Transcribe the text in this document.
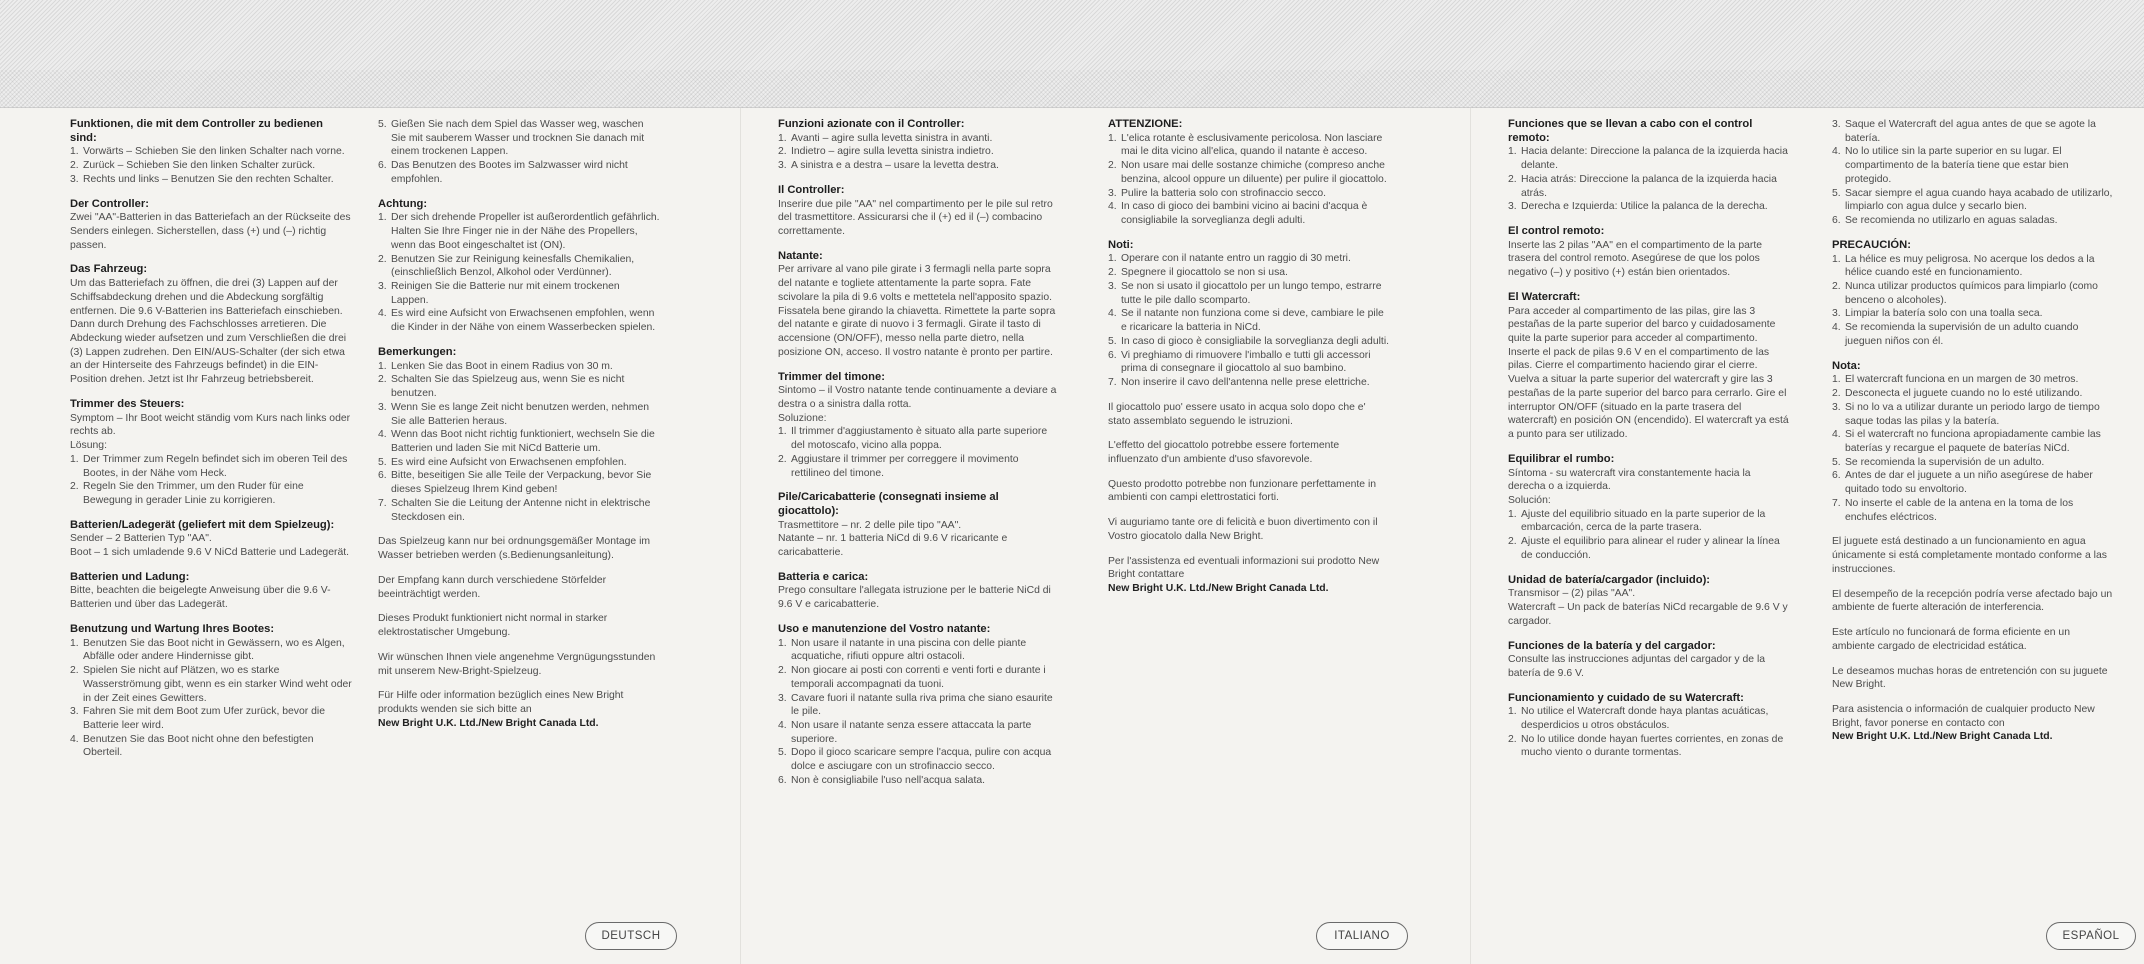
Funktionen, die mit dem Controller zu bedienen sind:
1. Vorwärts – Schieben Sie den linken Schalter nach vorne.
2. Zurück – Schieben Sie den linken Schalter zurück.
3. Rechts und links – Benutzen Sie den rechten Schalter.
Der Controller:
Zwei "AA"-Batterien in das Batteriefach an der Rückseite des Senders einlegen. Sicherstellen, dass (+) und (–) richtig passen.
Das Fahrzeug:
Um das Batteriefach zu öffnen, die drei (3) Lappen auf der Schiffsabdeckung drehen und die Abdeckung sorgfältig entfernen. Die 9.6 V-Batterien ins Batteriefach einschieben. Dann durch Drehung des Fachschlosses arretieren. Die Abdeckung wieder aufsetzen und zum Verschließen die drei (3) Lappen zudrehen. Den EIN/AUS-Schalter (der sich etwa an der Hinterseite des Fahrzeugs befindet) in die EIN-Position drehen. Jetzt ist Ihr Fahrzeug betriebsbereit.
Trimmer des Steuers:
Symptom – Ihr Boot weicht ständig vom Kurs nach links oder rechts ab.
Lösung:
1. Der Trimmer zum Regeln befindet sich im oberen Teil des Bootes, in der Nähe vom Heck.
2. Regeln Sie den Trimmer, um den Ruder für eine Bewegung in gerader Linie zu korrigieren.
Batterien/Ladegerät (geliefert mit dem Spielzeug):
Sender – 2 Batterien Typ "AA".
Boot – 1 sich umladende 9.6 V NiCd Batterie und Ladegerät.
Batterien und Ladung:
Bitte, beachten die beigelegte Anweisung über die 9.6 V-Batterien und über das Ladegerät.
Benutzung und Wartung Ihres Bootes:
1. Benutzen Sie das Boot nicht in Gewässern, wo es Algen, Abfälle oder andere Hindernisse gibt.
2. Spielen Sie nicht auf Plätzen, wo es starke Wasserströmung gibt, wenn es ein starker Wind weht oder in der Zeit eines Gewitters.
3. Fahren Sie mit dem Boot zum Ufer zurück, bevor die Batterie leer wird.
4. Benutzen Sie das Boot nicht ohne den befestigten Oberteil.
5. Gießen Sie nach dem Spiel das Wasser weg, waschen Sie mit sauberem Wasser und trocknen Sie danach mit einem trockenen Lappen.
6. Das Benutzen des Bootes im Salzwasser wird nicht empfohlen.
Achtung:
1. Der sich drehende Propeller ist außerordentlich gefährlich. Halten Sie Ihre Finger nie in der Nähe des Propellers, wenn das Boot eingeschaltet ist (ON).
2. Benutzen Sie zur Reinigung keinesfalls Chemikalien, (einschließlich Benzol, Alkohol oder Verdünner).
3. Reinigen Sie die Batterie nur mit einem trockenen Lappen.
4. Es wird eine Aufsicht von Erwachsenen empfohlen, wenn die Kinder in der Nähe von einem Wasserbecken spielen.
Bemerkungen:
1. Lenken Sie das Boot in einem Radius von 30 m.
2. Schalten Sie das Spielzeug aus, wenn Sie es nicht benutzen.
3. Wenn Sie es lange Zeit nicht benutzen werden, nehmen Sie alle Batterien heraus.
4. Wenn das Boot nicht richtig funktioniert, wechseln Sie die Batterien und laden Sie mit NiCd Batterie um.
5. Es wird eine Aufsicht von Erwachsenen empfohlen.
6. Bitte, beseitigen Sie alle Teile der Verpackung, bevor Sie dieses Spielzeug Ihrem Kind geben!
7. Schalten Sie die Leitung der Antenne nicht in elektrische Steckdosen ein.
Das Spielzeug kann nur bei ordnungsgemäßer Montage im Wasser betrieben werden (s.Bedienungsanleitung).
Der Empfang kann durch verschiedene Störfelder beeinträchtigt werden.
Dieses Produkt funktioniert nicht normal in starker elektrostatischer Umgebung.
Wir wünschen Ihnen viele angenehme Vergnügungsstunden mit unserem New-Bright-Spielzeug.
Für Hilfe oder information bezüglich eines New Bright produkts wenden sie sich bitte an
New Bright U.K. Ltd./New Bright Canada Ltd.
Funzioni azionate con il Controller:
1. Avanti – agire sulla levetta sinistra in avanti.
2. Indietro – agire sulla levetta sinistra indietro.
3. A sinistra e a destra – usare la levetta destra.
Il Controller:
Inserire due pile "AA" nel compartimento per le pile sul retro del trasmettitore. Assicurarsi che il (+) ed il (–) combacino correttamente.
Natante:
Per arrivare al vano pile girate i 3 fermagli nella parte sopra del natante e togliete attentamente la parte sopra. Fate scivolare la pila di 9.6 volts e mettetela nell'apposito spazio. Fissatela bene girando la chiavetta. Rimettete la parte sopra del natante e girate di nuovo i 3 fermagli. Girate il tasto di accensione (ON/OFF), messo nella parte dietro, nella posizione ON, acceso. Il vostro natante è pronto per partire.
Trimmer del timone:
Sintomo – il Vostro natante tende continuamente a deviare a destra o a sinistra dalla rotta.
Soluzione:
1. Il trimmer d'aggiustamento è situato alla parte superiore del motoscafo, vicino alla poppa.
2. Aggiustare il trimmer per correggere il movimento rettilineo del timone.
Pile/Caricabatterie (consegnati insieme al giocattolo):
Trasmettitore – nr. 2 delle pile tipo "AA".
Natante – nr. 1 batteria NiCd di 9.6 V ricaricante e caricabatterie.
Batteria e carica:
Prego consultare l'allegata istruzione per le batterie NiCd di 9.6 V e caricabatterie.
Uso e manutenzione del Vostro natante:
1. Non usare il natante in una piscina con delle piante acquatiche, rifiuti oppure altri ostacoli.
2. Non giocare ai posti con correnti e venti forti e durante i temporali accompagnati da tuoni.
3. Cavare fuori il natante sulla riva prima che siano esaurite le pile.
4. Non usare il natante senza essere attaccata la parte superiore.
5. Dopo il gioco scaricare sempre l'acqua, pulire con acqua dolce e asciugare con un strofinaccio secco.
6. Non è consigliabile l'uso nell'acqua salata.
ATTENZIONE:
1. L'elica rotante è esclusivamente pericolosa. Non lasciare mai le dita vicino all'elica, quando il natante è acceso.
2. Non usare mai delle sostanze chimiche (compreso anche benzina, alcool oppure un diluente) per pulire il giocattolo.
3. Pulire la batteria solo con strofinaccio secco.
4. In caso di gioco dei bambini vicino ai bacini d'acqua è consigliabile la sorveglianza degli adulti.
Noti:
1. Operare con il natante entro un raggio di 30 metri.
2. Spegnere il giocattolo se non si usa.
3. Se non si usato il giocattolo per un lungo tempo, estrarre tutte le pile dallo scomparto.
4. Se il natante non funziona come si deve, cambiare le pile e ricaricare la batteria in NiCd.
5. In caso di gioco è consigliabile la sorveglianza degli adulti.
6. Vi preghiamo di rimuovere l'imballo e tutti gli accessori prima di consegnare il giocattolo al suo bambino.
7. Non inserire il cavo dell'antenna nelle prese elettriche.
Il giocattolo puo' essere usato in acqua solo dopo che e' stato assemblato seguendo le istruzioni.
L'effetto del giocattolo potrebbe essere fortemente influenzato d'un ambiente d'uso sfavorevole.
Questo prodotto potrebbe non funzionare perfettamente in ambienti con campi elettrostatici forti.
Vi auguriamo tante ore di felicità e buon divertimento con il Vostro giocatolo dalla New Bright.
Per l'assistenza ed eventuali informazioni sui prodotto New Bright contattare
New Bright U.K. Ltd./New Bright Canada Ltd.
Funciones que se llevan a cabo con el control remoto:
1. Hacia delante: Direccione la palanca de la izquierda hacia delante.
2. Hacia atrás: Direccione la palanca de la izquierda hacia atrás.
3. Derecha e Izquierda: Utilice la palanca de la derecha.
El control remoto:
Inserte las 2 pilas "AA" en el compartimento de la parte trasera del control remoto. Asegúrese de que los polos negativo (–) y positivo (+) están bien orientados.
El Watercraft:
Para acceder al compartimento de las pilas, gire las 3 pestañas de la parte superior del barco y cuidadosamente quite la parte superior para acceder al compartimento. Inserte el pack de pilas 9.6 V en el compartimento de las pilas. Cierre el compartimento haciendo girar el cierre. Vuelva a situar la parte superior del watercraft y gire las 3 pestañas de la parte superior del barco para cerrarlo. Gire el interruptor ON/OFF (situado en la parte trasera del watercraft) en posición ON (encendido). El watercraft ya está a punto para ser utilizado.
Equilibrar el rumbo:
Síntoma - su watercraft vira constantemente hacia la derecha o a izquierda.
Solución:
1. Ajuste del equilibrio situado en la parte superior de la embarcación, cerca de la parte trasera.
2. Ajuste el equilibrio para alinear el ruder y alinear la línea de conducción.
Unidad de batería/cargador (incluido):
Transmisor – (2) pilas "AA".
Watercraft – Un pack de baterías NiCd recargable de 9.6 V y cargador.
Funciones de la batería y del cargador:
Consulte las instrucciones adjuntas del cargador y de la batería de 9.6 V.
Funcionamiento y cuidado de su Watercraft:
1. No utilice el Watercraft donde haya plantas acuáticas, desperdicios u otros obstáculos.
2. No lo utilice donde hayan fuertes corrientes, en zonas de mucho viento o durante tormentas.
3. Saque el Watercraft del agua antes de que se agote la batería.
4. No lo utilice sin la parte superior en su lugar. El compartimento de la batería tiene que estar bien protegido.
5. Sacar siempre el agua cuando haya acabado de utilizarlo, limpiarlo con agua dulce y secarlo bien.
6. Se recomienda no utilizarlo en aguas saladas.
PRECAUCIÓN:
1. La hélice es muy peligrosa. No acerque los dedos a la hélice cuando esté en funcionamiento.
2. Nunca utilizar productos químicos para limpiarlo (como benceno o alcoholes).
3. Limpiar la batería solo con una toalla seca.
4. Se recomienda la supervisión de un adulto cuando jueguen niños con él.
Nota:
1. El watercraft funciona en un margen de 30 metros.
2. Desconecta el juguete cuando no lo esté utilizando.
3. Si no lo va a utilizar durante un periodo largo de tiempo saque todas las pilas y la batería.
4. Si el watercraft no funciona apropiadamente cambie las baterías y recargue el paquete de baterías NiCd.
5. Se recomienda la supervisión de un adulto.
6. Antes de dar el juguete a un niño asegúrese de haber quitado todo su envoltorio.
7. No inserte el cable de la antena en la toma de los enchufes eléctricos.
El juguete está destinado a un funcionamiento en agua únicamente si está completamente montado conforme a las instrucciones.
El desempeño de la recepción podría verse afectado bajo un ambiente de fuerte alteración de interferencia.
Este artículo no funcionará de forma eficiente en un ambiente cargado de electricidad estática.
Le deseamos muchas horas de entretención con su juguete New Bright.
Para asistencia o información de cualquier producto New Bright, favor ponerse en contacto con
New Bright U.K. Ltd./New Bright Canada Ltd.
DEUTSCH	ITALIANO	ESPAÑOL
